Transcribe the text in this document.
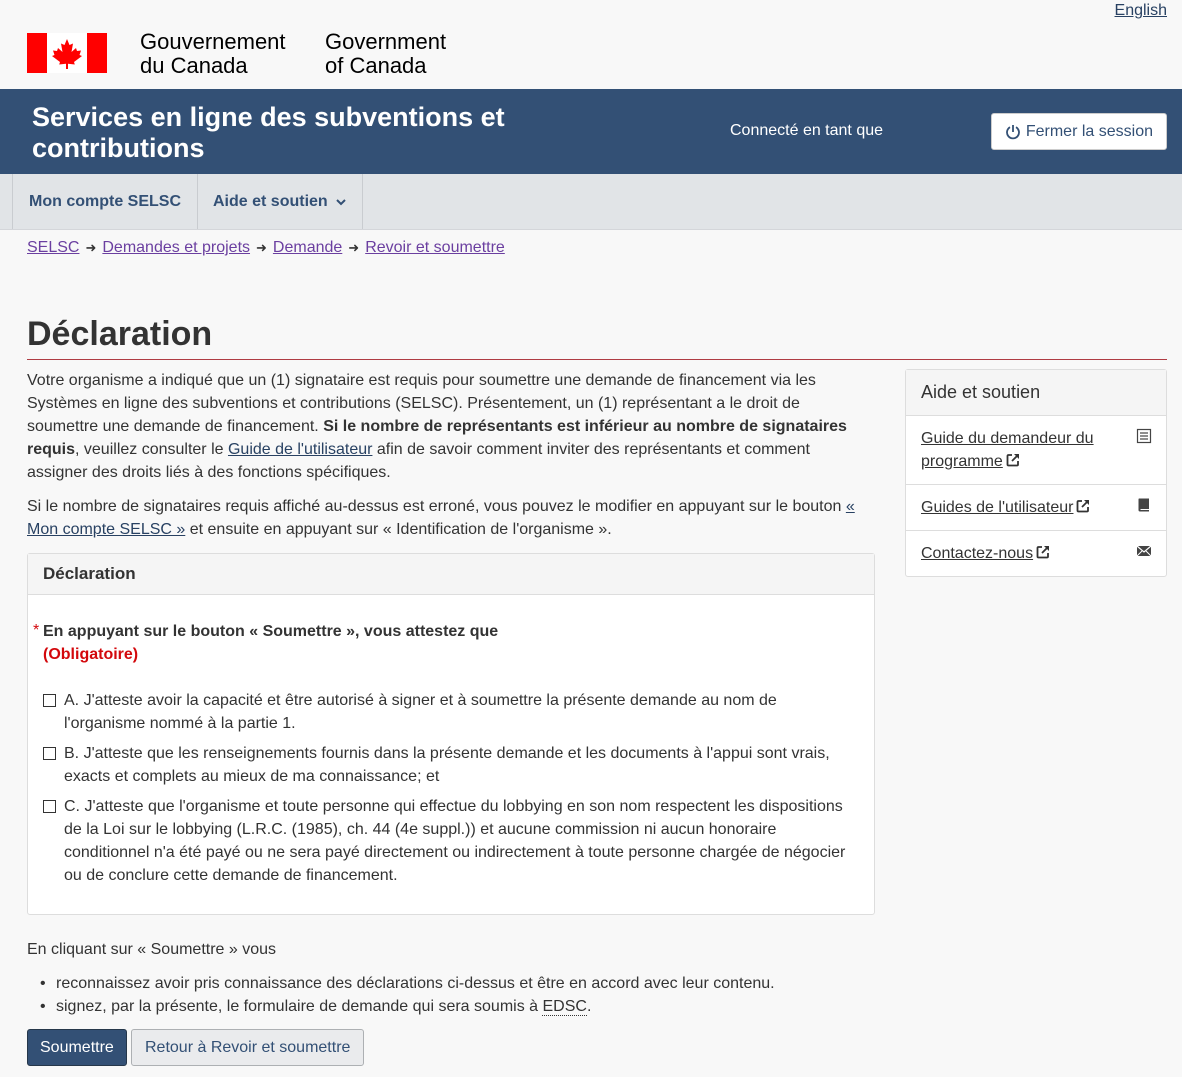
English
Gouvernement
du Canada
Government
of Canada
Services en ligne des subventions et contributions
Connecté en tant que	Fermer la session
Mon compte SELSC Aide et soutien
SELSC ➜ Demandes et projets ➜ Demande ➜ Revoir et soumettre
Déclaration

Votre organisme a indiqué que un (1) signataire est requis pour soumettre une demande de financement via les Systèmes en ligne des subventions et contributions (SELSC). Présentement, un (1) représentant a le droit de soumettre une demande de financement. Si le nombre de représentants est inférieur au nombre de signataires requis, veuillez consulter le Guide de l'utilisateur afin de savoir comment inviter des représentants et comment assigner des droits liés à des fonctions spécifiques.

Si le nombre de signataires requis affiché au-dessus est erroné, vous pouvez le modifier en appuyant sur le bouton « Mon compte SELSC » et ensuite en appuyant sur « Identification de l'organisme ».

Déclaration
* En appuyant sur le bouton « Soumettre », vous attestez que
(Obligatoire)
A. J'atteste avoir la capacité et être autorisé à signer et à soumettre la présente demande au nom de l'organisme nommé à la partie 1.
B. J'atteste que les renseignements fournis dans la présente demande et les documents à l'appui sont vrais, exacts et complets au mieux de ma connaissance; et
C. J'atteste que l'organisme et toute personne qui effectue du lobbying en son nom respectent les dispositions de la Loi sur le lobbying (L.R.C. (1985), ch. 44 (4e suppl.)) et aucune commission ni aucun honoraire conditionnel n'a été payé ou ne sera payé directement ou indirectement à toute personne chargée de négocier ou de conclure cette demande de financement.
Aide et soutien
Guide du demandeur du programme
Guides de l'utilisateur
Contactez-nous

En cliquant sur « Soumettre » vous

• reconnaissez avoir pris connaissance des déclarations ci-dessus et être en accord avec leur contenu.
• signez, par la présente, le formulaire de demande qui sera soumis à EDSC.
Soumettre	Retour à Revoir et soumettre
